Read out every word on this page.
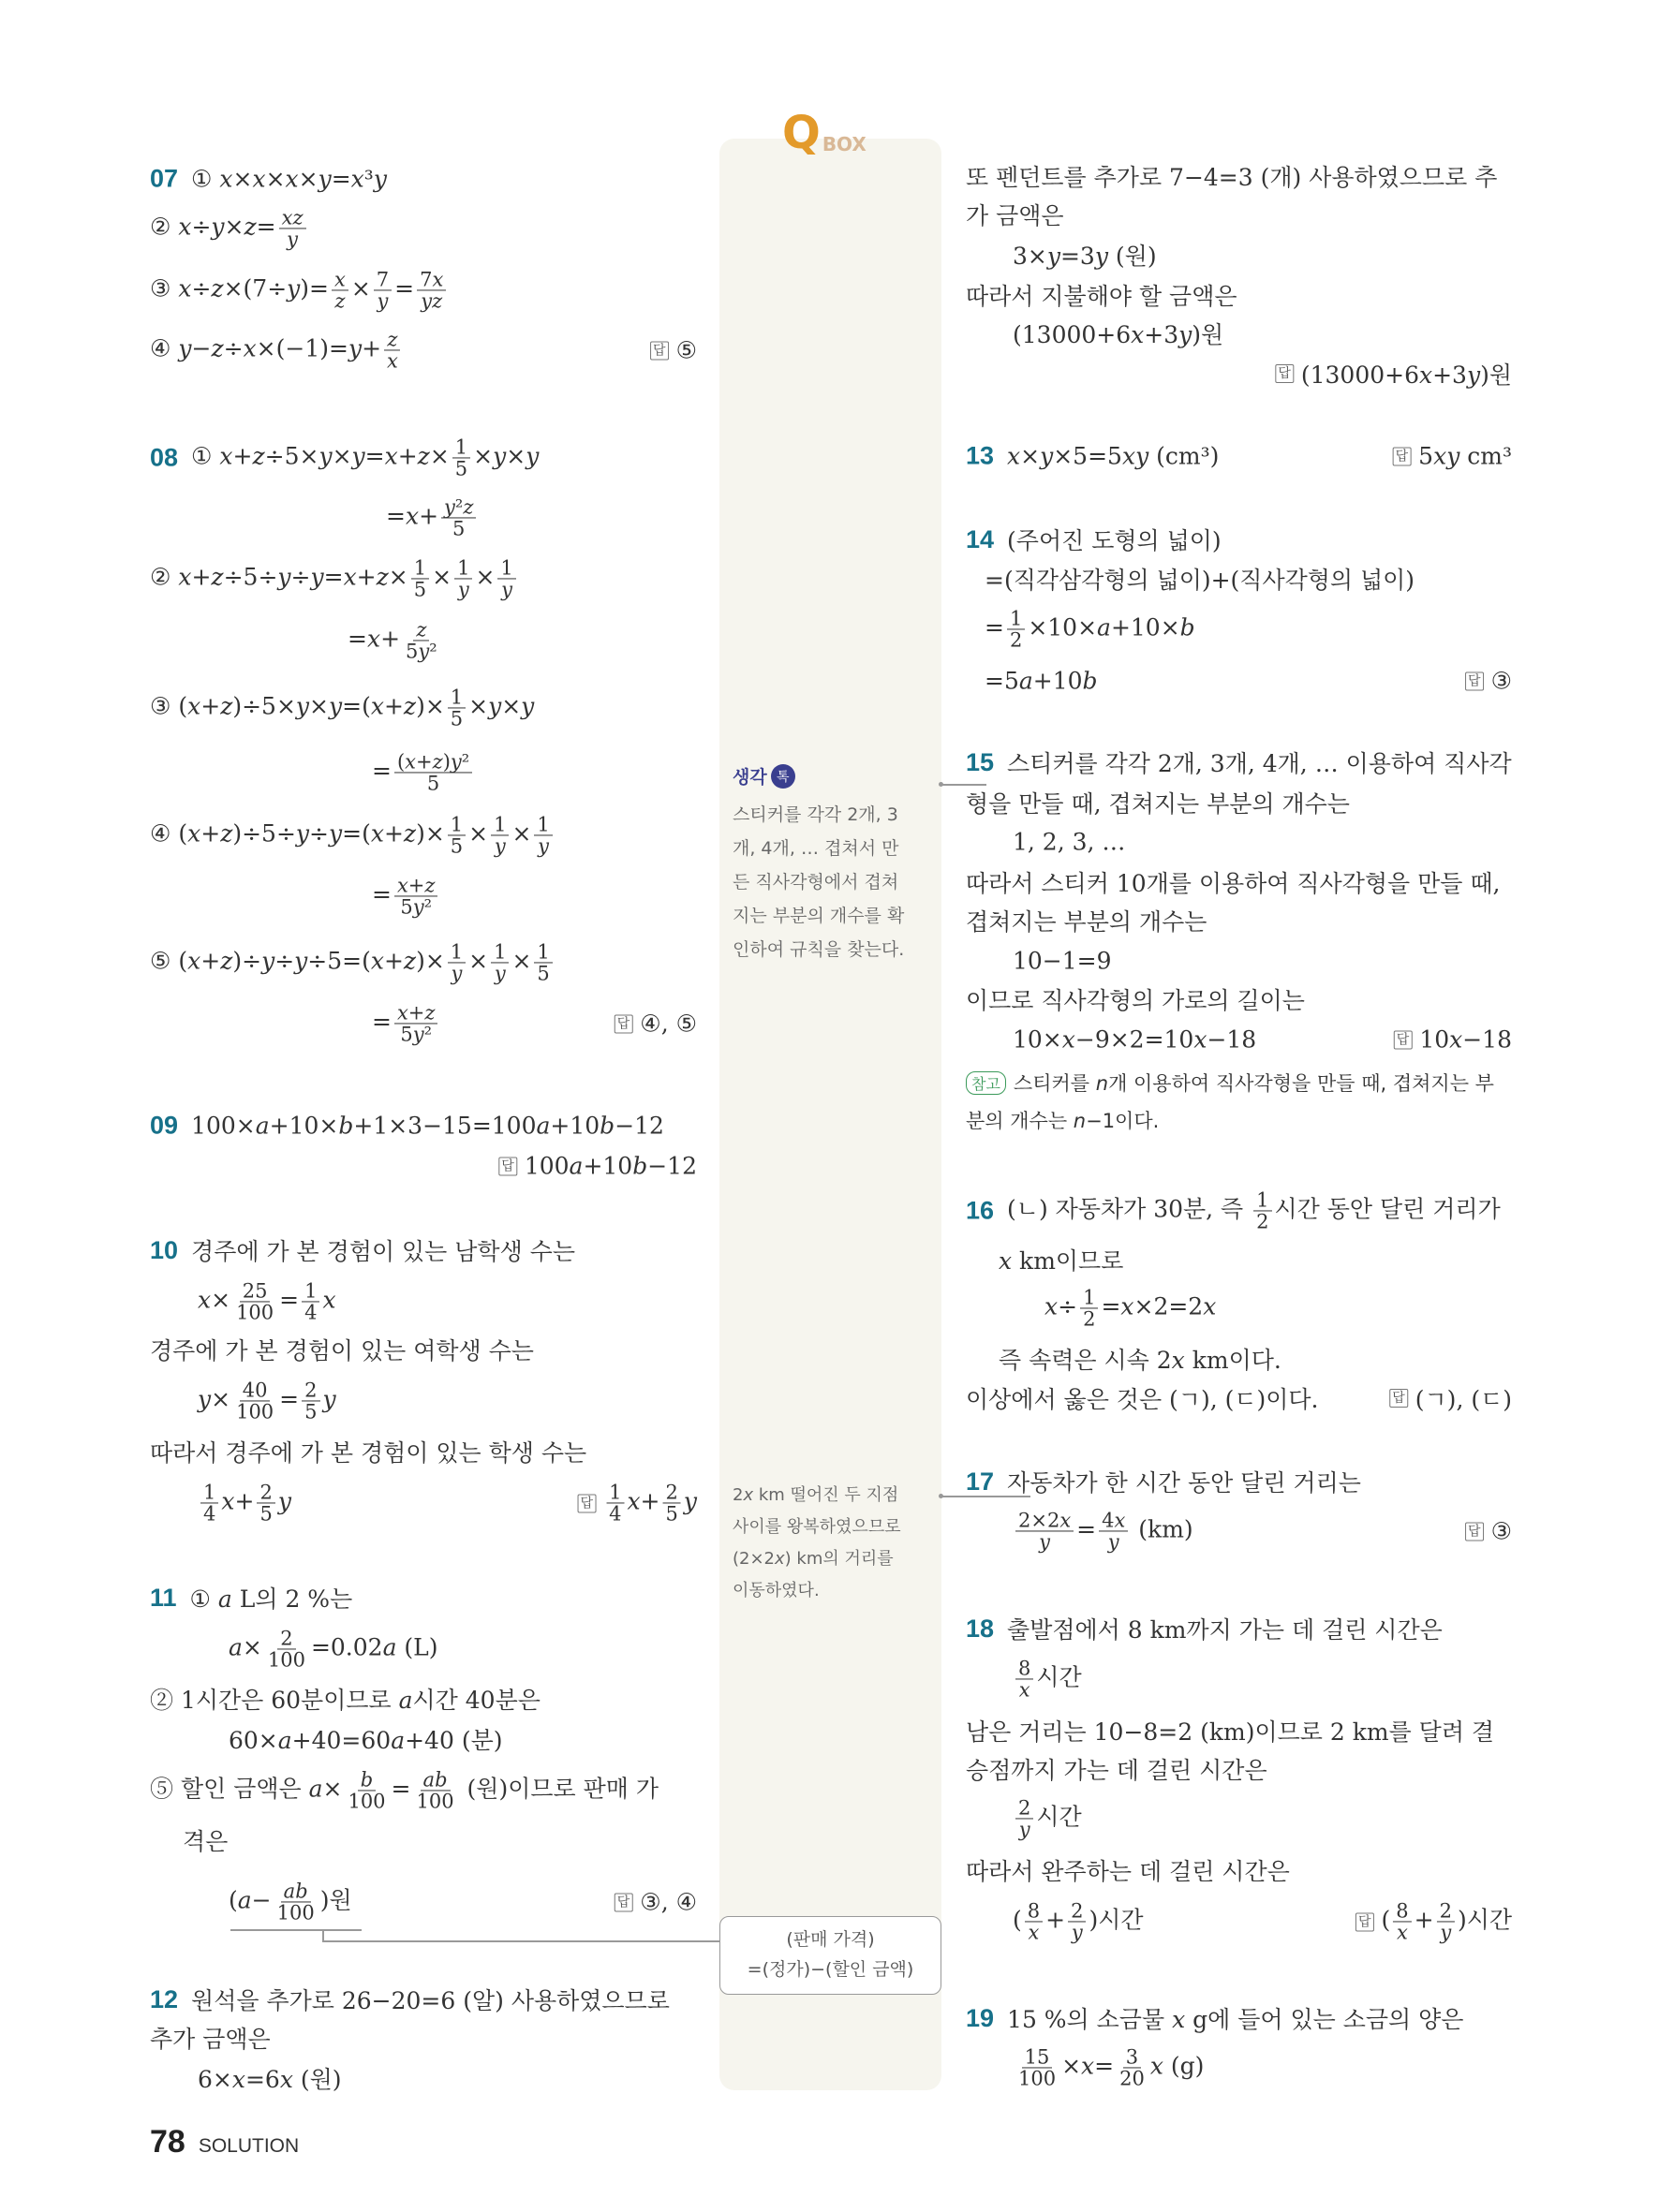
Q BOX
생각 톡
스티커를 각각 2개, 3
개, 4개, … 겹쳐서 만
든 직사각형에서 겹쳐
지는 부분의 개수를 확
인하여 규칙을 찾는다.
2x km 떨어진 두 지점
사이를 왕복하였으므로
(2×2x) km의 거리를
이동하였다.
(판매 가격)
=(정가)−(할인 금액)
07 ① x×x×x×y=x³y
② $x\div y\times z= \frac{xz}{y}$
③ $x\div z\times(7\div y)= \frac{x}{z} \times \frac{7}{y} = \frac{7x}{yz}$
④ $y-z\div x\times(-1)=y+ \frac{z}{x}$	답 ⑤
08 ① $x+z\div 5\times y\times y=x+z\times \frac{1}{5} \times y\times y$
$=x+ \frac{\text{y²z}}{5}$
② $x+z\div 5\div y\div y=x+z\times \frac{1}{5} \times \frac{1}{y} \times \frac{1}{y}$
$=x+ \frac{z}{\text{5y²}}$
③ $(x+z)\div 5\times y\times y=(x+z)\times \frac{1}{5} \times y\times y$
= $\frac{\text{(x+z)y²}}{5}$
④ $(x+z)\div 5\div y\div y=(x+z)\times \frac{1}{5} \times \frac{1}{y} \times \frac{1}{y}$
= $\frac{x+z}{\text{5y²}}$
⑤ $(x+z)\div y\div y\div 5=(x+z)\times \frac{1}{y} \times \frac{1}{y} \times \frac{1}{5}$
= $\frac{x+z}{\text{5y²}}$	답 ④, ⑤
09 100×a+10×b+1×3−15=100a+10b−12
답 100a+10b−12
10 경주에 가 본 경험이 있는 남학생 수는
$x\times \frac{25}{100} = \frac{1}{4}$ x
경주에 가 본 경험이 있는 여학생 수는
$y\times \frac{40}{100} = \frac{2}{5}$ y
따라서 경주에 가 본 경험이 있는 학생 수는
$\frac{1}{4} x+ \frac{2}{5}$ y	답 $\frac{1}{4} x+ \frac{2}{5}$ y
11 ① a L의 2 %는
$a\times \frac{2}{100} =0.02a$ (L)
② 1시간은 60분이므로 a시간 40분은
60×a+40=60a+40 (분)
⑤ 할인 금액은 $a\times \frac{b}{100} = \frac{ab}{100}$ (원)이므로 판매 가
격은
($a- \frac{ab}{100}$ )원	답 ③, ④
12 원석을 추가로 26−20=6 (알) 사용하였으므로
추가 금액은
6×x=6x (원)
78 SOLUTION
또 펜던트를 추가로 7−4=3 (개) 사용하였으므로 추
가 금액은
3×y=3y (원)
따라서 지불해야 할 금액은
(13000+6x+3y)원
답 (13000+6x+3y)원
13 x×y×5=5xy (cm³)	답 5xy cm³
14 (주어진 도형의 넓이)
=(직각삼각형의 넓이)+(직사각형의 넓이)
= $\frac{1}{2} \times 10\times a+10\times b$
=5a+10b	답 ③
15 스티커를 각각 2개, 3개, 4개, … 이용하여 직사각
형을 만들 때, 겹쳐지는 부분의 개수는
1, 2, 3, …
따라서 스티커 10개를 이용하여 직사각형을 만들 때,
겹쳐지는 부분의 개수는
10−1=9
이므로 직사각형의 가로의 길이는
10×x−9×2=10x−18	답 10x−18
참고 스티커를 n개 이용하여 직사각형을 만들 때, 겹쳐지는 부
분의 개수는 n−1이다.
16 (ㄴ) 자동차가 30분, 즉 $\frac{1}{2}$ 시간 동안 달린 거리가
x km이므로
$x\div \frac{1}{2} =x\times 2=2x$
즉 속력은 시속 2x km이다.
이상에서 옳은 것은 (ㄱ), (ㄷ)이다.	답 (ㄱ), (ㄷ)
17 자동차가 한 시간 동안 달린 거리는
$\frac{2\times 2x}{y} = \frac{4x}{y} (km)$	답 ③
18 출발점에서 8 km까지 가는 데 걸린 시간은
$\frac{8}{x}$ 시간
남은 거리는 10−8=2 (km)이므로 2 km를 달려 결
승점까지 가는 데 걸린 시간은
$\frac{2}{y}$ 시간
따라서 완주하는 데 걸린 시간은
( $\frac{8}{x} + \frac{2}{y}$ )시간	답 ( $\frac{8}{x} + \frac{2}{y}$ )시간
19 15 %의 소금물 x g에 들어 있는 소금의 양은
$\frac{15}{100} \times x= \frac{3}{20}$ x (g)
